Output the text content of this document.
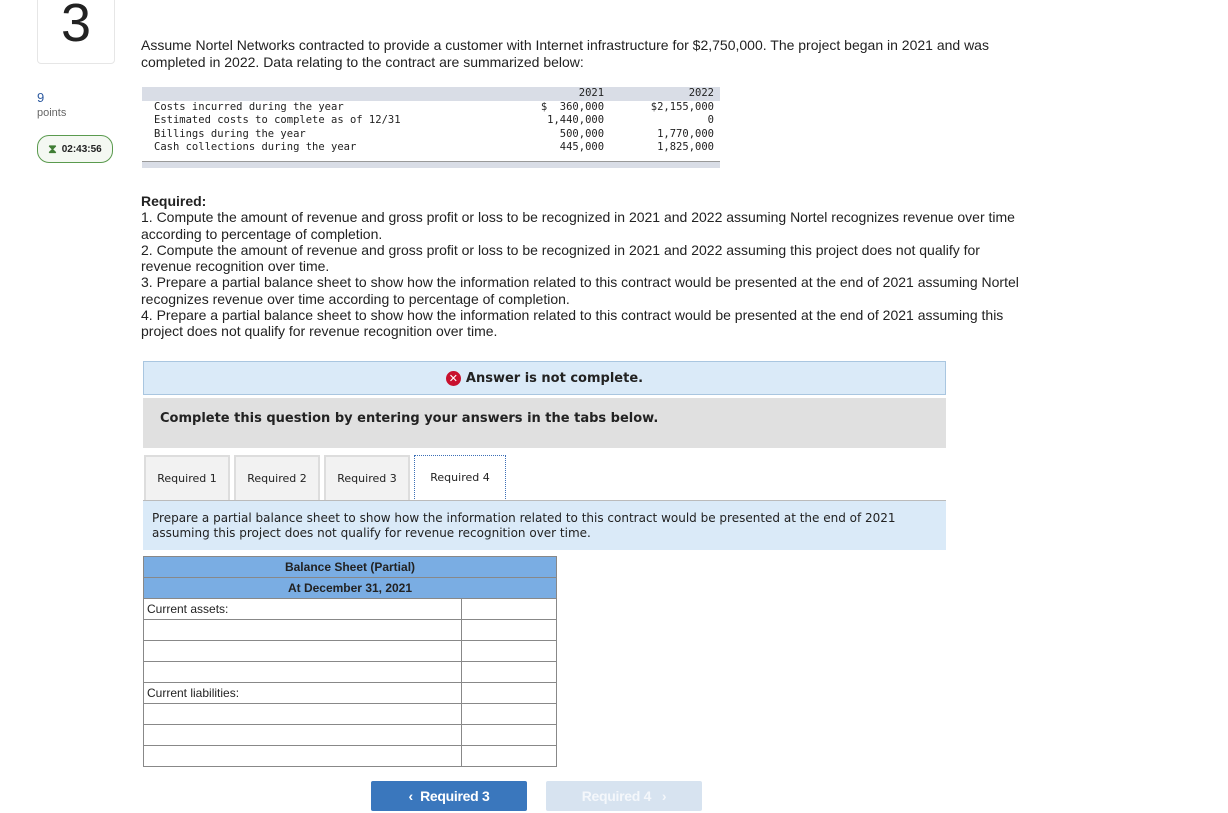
3
9
points
⧗ 02:43:56
Assume Nortel Networks contracted to provide a customer with Internet infrastructure for $2,750,000. The project began in 2021 and was completed in 2022. Data relating to the contract are summarized below:
	2021	2022
Costs incurred during the year	$  360,000	$2,155,000
Estimated costs to complete as of 12/31	1,440,000	0
Billings during the year	500,000	1,770,000
Cash collections during the year	445,000	1,825,000
Required:
1. Compute the amount of revenue and gross profit or loss to be recognized in 2021 and 2022 assuming Nortel recognizes revenue over time according to percentage of completion.
2. Compute the amount of revenue and gross profit or loss to be recognized in 2021 and 2022 assuming this project does not qualify for revenue recognition over time.
3. Prepare a partial balance sheet to show how the information related to this contract would be presented at the end of 2021 assuming Nortel recognizes revenue over time according to percentage of completion.
4. Prepare a partial balance sheet to show how the information related to this contract would be presented at the end of 2021 assuming this project does not qualify for revenue recognition over time.
✕ Answer is not complete.
Complete this question by entering your answers in the tabs below.
Required 1	Required 2	Required 3	Required 4
Prepare a partial balance sheet to show how the information related to this contract would be presented at the end of 2021 assuming this project does not qualify for revenue recognition over time.
Balance Sheet (Partial)	
At December 31, 2021	
Current assets:	

Current liabilities:	

‹ Required 3	Required 4 ›
